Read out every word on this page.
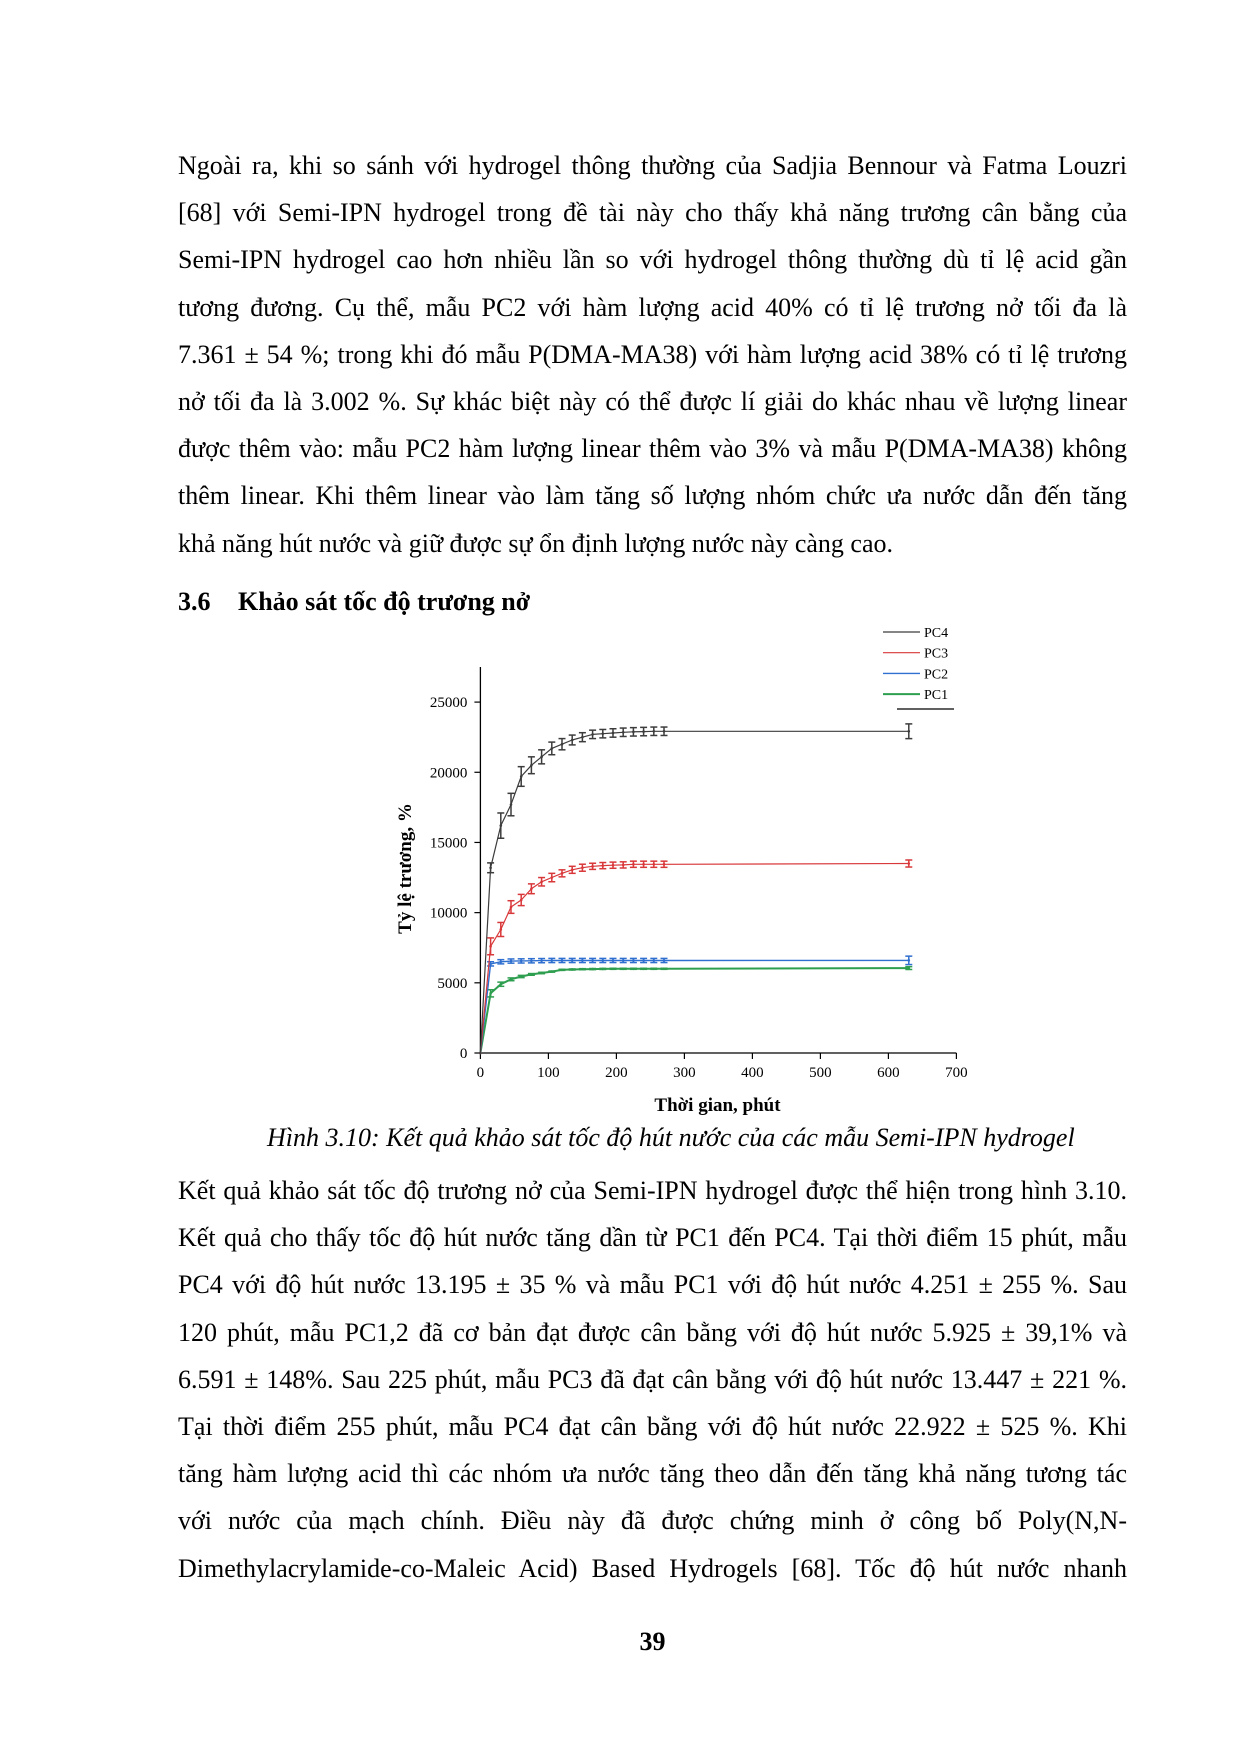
Ngoài ra, khi so sánh với hydrogel thông thường của Sadjia Bennour và Fatma Louzri
[68] với Semi-IPN hydrogel trong đề tài này cho thấy khả năng trương cân bằng của
Semi-IPN hydrogel cao hơn nhiều lần so với hydrogel thông thường dù tỉ lệ acid gần
tương đương. Cụ thể, mẫu PC2 với hàm lượng acid 40% có tỉ lệ trương nở tối đa là
7.361 ± 54 %; trong khi đó mẫu P(DMA-MA38) với hàm lượng acid 38% có tỉ lệ trương
nở tối đa là 3.002 %. Sự khác biệt này có thể được lí giải do khác nhau về lượng linear
được thêm vào: mẫu PC2 hàm lượng linear thêm vào 3% và mẫu P(DMA-MA38) không
thêm linear. Khi thêm linear vào làm tăng số lượng nhóm chức ưa nước dẫn đến tăng
khả năng hút nước và giữ được sự ổn định lượng nước này càng cao.
3.6 Khảo sát tốc độ trương nở
Thời gian, phút
Tỷ lệ trương, %
0
5000
10000
15000
20000
25000
0	100	200	300	400	500	600	700
PC4
PC3
PC2
PC1
Hình 3.10: Kết quả khảo sát tốc độ hút nước của các mẫu Semi-IPN hydrogel
Kết quả khảo sát tốc độ trương nở của Semi-IPN hydrogel được thể hiện trong hình 3.10.
Kết quả cho thấy tốc độ hút nước tăng dần từ PC1 đến PC4. Tại thời điểm 15 phút, mẫu
PC4 với độ hút nước 13.195 ± 35 % và mẫu PC1 với độ hút nước 4.251 ± 255 %. Sau
120 phút, mẫu PC1,2 đã cơ bản đạt được cân bằng với độ hút nước 5.925 ± 39,1% và
6.591 ± 148%. Sau 225 phút, mẫu PC3 đã đạt cân bằng với độ hút nước 13.447 ± 221 %.
Tại thời điểm 255 phút, mẫu PC4 đạt cân bằng với độ hút nước 22.922 ± 525 %. Khi
tăng hàm lượng acid thì các nhóm ưa nước tăng theo dẫn đến tăng khả năng tương tác
với nước của mạch chính. Điều này đã được chứng minh ở công bố Poly(N,N-
Dimethylacrylamide-co-Maleic Acid) Based Hydrogels [68]. Tốc độ hút nước nhanh
39
